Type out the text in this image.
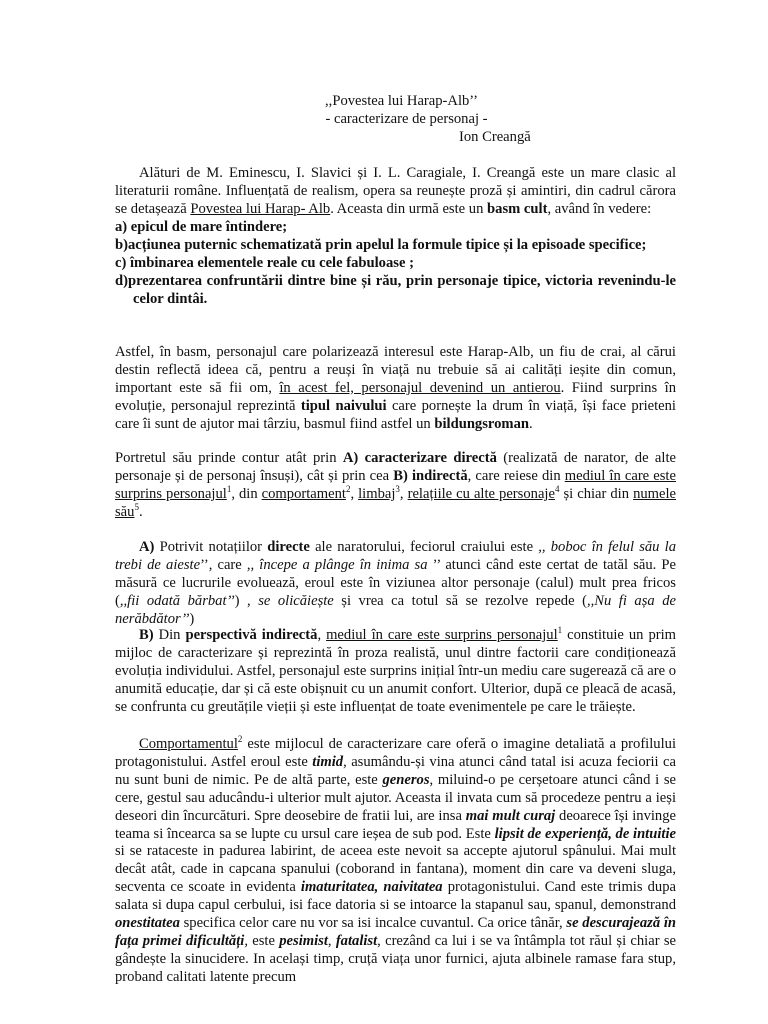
,,Povestea lui Harap-Alb’’
- caracterizare de personaj -
Ion Creangă

Alături de M. Eminescu, I. Slavici și I. L. Caragiale, I. Creangă este un mare clasic al literaturii române. Influențată de realism, opera sa reunește proză și amintiri, din cadrul cărora se detașează Povestea lui Harap- Alb. Aceasta din urmă este un basm cult, având în vedere:

a) epicul de mare întindere;

b)acțiunea puternic schematizată prin apelul la formule tipice și la episoade specifice;

c) îmbinarea elementele reale cu cele fabuloase ;

d)prezentarea confruntării dintre bine și rău, prin personaje tipice, victoria revenindu-le celor dintâi.

Astfel, în basm, personajul care polarizează interesul este Harap-Alb, un fiu de crai, al cărui destin reflectă ideea că, pentru a reuși în viață nu trebuie să ai calități ieșite din comun, important este să fii om, în acest fel, personajul devenind un antierou. Fiind surprins în evoluție, personajul reprezintă tipul naivului care pornește la drum în viață, își face prieteni care îi sunt de ajutor mai târziu, basmul fiind astfel un bildungsroman.

Portretul său prinde contur atât prin A) caracterizare directă (realizată de narator, de alte personaje și de personaj însuși), cât și prin cea B) indirectă, care reiese din mediul în care este surprins personajul$^1$, din comportament$^2$, limbaj$^3$, relațiile cu alte personaje$^4$ și chiar din numele său$^5$.

A) Potrivit notațiilor directe ale naratorului, feciorul craiului este ,, boboc în felul său la trebi de aieste’’, care ,, începe a plânge în inima sa ’’ atunci când este certat de tatăl său. Pe măsură ce lucrurile evoluează, eroul este în viziunea altor personaje (calul) mult prea fricos (,,fii odată bărbat’’) , se olicăiește și vrea ca totul să se rezolve repede (,,Nu fi așa de nerăbdător’’)

B) Din perspectivă indirectă, mediul în care este surprins personajul$^1$ constituie un prim mijloc de caracterizare și reprezintă în proza realistă, unul dintre factorii care condiționează evoluția individului. Astfel, personajul este surprins inițial într-un mediu care sugerează că are o anumită educație, dar și că este obișnuit cu un anumit confort. Ulterior, după ce pleacă de acasă, se confrunta cu greutățile vieții și este influențat de toate evenimentele pe care le trăiește.

Comportamentul$^2$ este mijlocul de caracterizare care oferă o imagine detaliată a profilului protagonistului. Astfel eroul este timid, asumându-și vina atunci când tatal isi acuza feciorii ca nu sunt buni de nimic. Pe de altă parte, este generos, miluind-o pe cerșetoare atunci când i se cere, gestul sau aducându-i ulterior mult ajutor. Aceasta il invata cum să procedeze pentru a ieși deseori din încurcături. Spre deosebire de fratii lui, are insa mai mult curaj deoarece își invinge teama si încearca sa se lupte cu ursul care ieșea de sub pod. Este lipsit de experiență, de intuitie si se rataceste in padurea labirint, de aceea este nevoit sa accepte ajutorul spânului. Mai mult decât atât, cade in capcana spanului (coborand in fantana), moment din care va deveni sluga, secventa ce scoate in evidenta imaturitatea, naivitatea protagonistului. Cand este trimis dupa salata si dupa capul cerbului, isi face datoria si se intoarce la stapanul sau, spanul, demonstrand onestitatea specifica celor care nu vor sa isi incalce cuvantul. Ca orice tânăr, se descurajează în fața primei dificultăți, este pesimist, fatalist, crezând ca lui i se va întâmpla tot răul și chiar se gândește la sinucidere. In același timp, cruță viața unor furnici, ajuta albinele ramase fara stup, proband calitati latente precum
